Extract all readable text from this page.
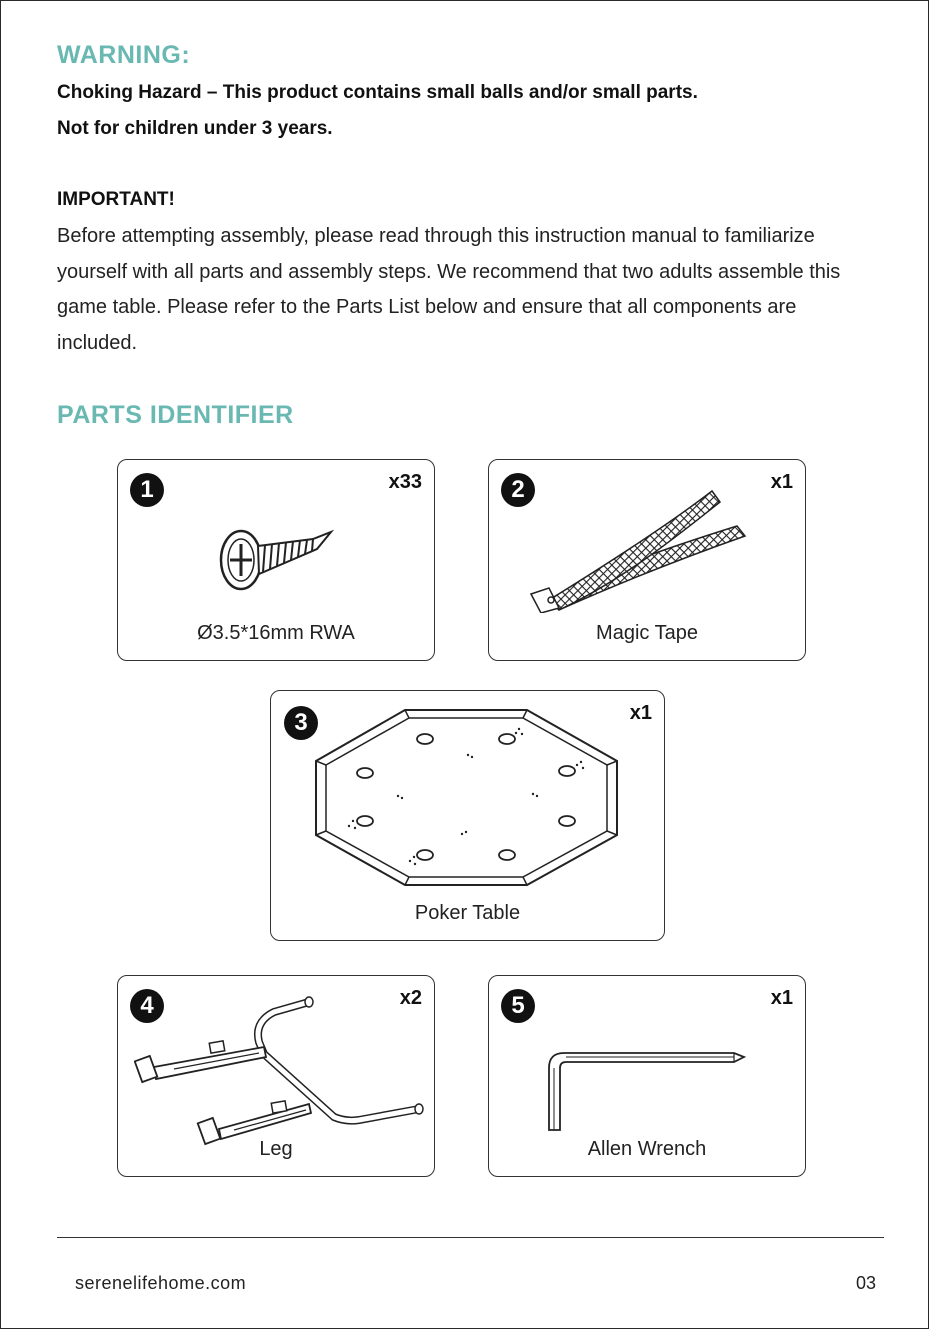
WARNING:

Choking Hazard – This product contains small balls and/or small parts.

Not for children under 3 years.

IMPORTANT!

Before attempting assembly, please read through this instruction manual to familiarize yourself with all parts and assembly steps. We recommend that two adults assemble this game table. Please refer to the Parts List below and ensure that all components are included.

PARTS IDENTIFIER
1	x33
Ø3.5*16mm RWA
2	x1
Magic Tape
3	x1
Poker Table
4	x2
Leg
5	x1
Allen Wrench
serenelifehome.com	03
